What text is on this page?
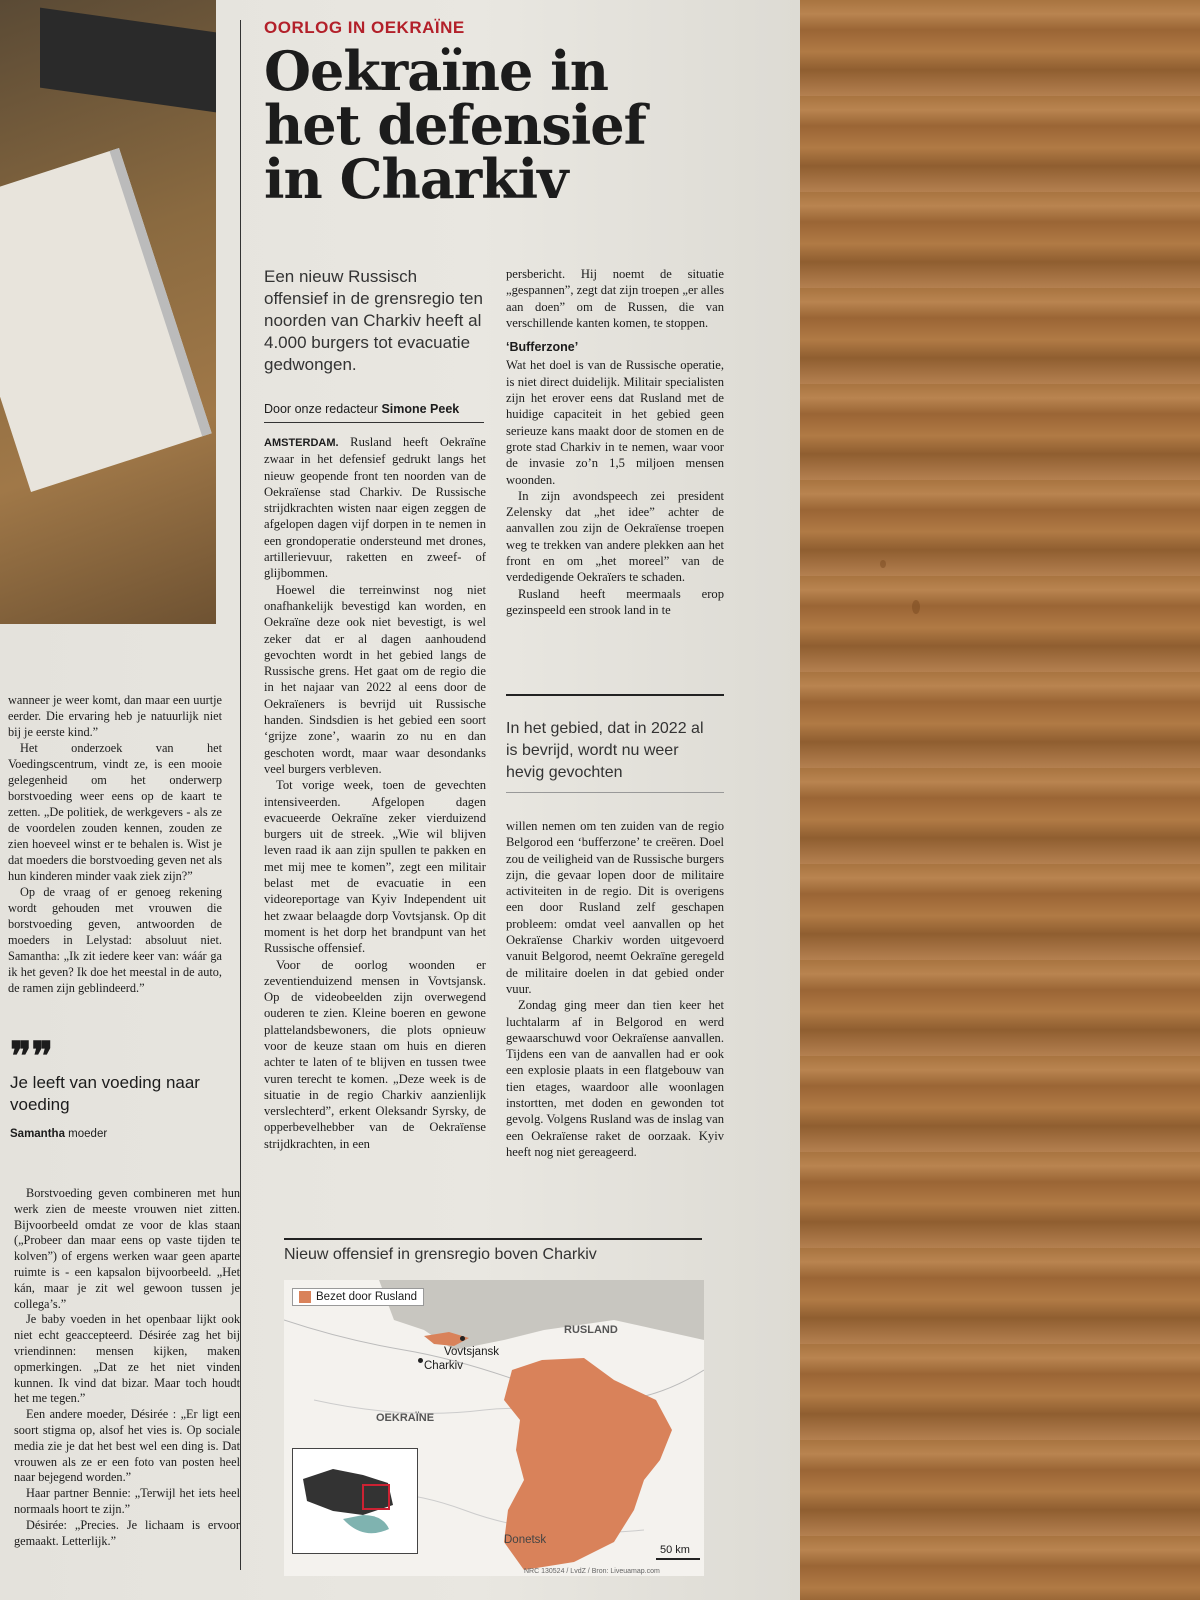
OORLOG IN OEKRAÏNE
Oekraïne in
het defensief
in Charkiv
Een nieuw Russisch offensief in de grensregio ten noorden van Charkiv heeft al 4.000 burgers tot evacuatie gedwongen.
Door onze redacteur Simone Peek

AMSTERDAM. Rusland heeft Oekraïne zwaar in het defensief gedrukt langs het nieuw geopende front ten noorden van de Oekraïense stad Charkiv. De Russische strijdkrachten wisten naar eigen zeggen de afgelopen dagen vijf dorpen in te nemen in een grondoperatie ondersteund met drones, artillerievuur, raketten en zweef- of glijbommen.

Hoewel die terreinwinst nog niet onafhankelijk bevestigd kan worden, en Oekraïne deze ook niet bevestigt, is wel zeker dat er al dagen aanhoudend gevochten wordt in het gebied langs de Russische grens. Het gaat om de regio die in het najaar van 2022 al eens door de Oekraïeners is bevrijd uit Russische handen. Sindsdien is het gebied een soort ‘grijze zone’, waarin zo nu en dan geschoten wordt, maar waar desondanks veel burgers verbleven.

Tot vorige week, toen de gevechten intensiveerden. Afgelopen dagen evacueerde Oekraïne zeker vierduizend burgers uit de streek. „Wie wil blijven leven raad ik aan zijn spullen te pakken en met mij mee te komen”, zegt een militair belast met de evacuatie in een videoreportage van Kyiv Independent uit het zwaar belaagde dorp Vovtsjansk. Op dit moment is het dorp het brandpunt van het Russische offensief.

Voor de oorlog woonden er zeventienduizend mensen in Vovtsjansk. Op de videobeelden zijn overwegend ouderen te zien. Kleine boeren en gewone plattelandsbewoners, die plots opnieuw voor de keuze staan om huis en dieren achter te laten of te blijven en tussen twee vuren terecht te komen. „Deze week is de situatie in de regio Charkiv aanzienlijk verslechterd”, erkent Oleksandr Syrsky, de opperbevelhebber van de Oekraïense strijdkrachten, in een

persbericht. Hij noemt de situatie „gespannen”, zegt dat zijn troepen „er alles aan doen” om de Russen, die van verschillende kanten komen, te stoppen.

‘Bufferzone’

Wat het doel is van de Russische operatie, is niet direct duidelijk. Militair specialisten zijn het erover eens dat Rusland met de huidige capaciteit in het gebied geen serieuze kans maakt door de stomen en de grote stad Charkiv in te nemen, waar voor de invasie zo’n 1,5 miljoen mensen woonden.

In zijn avondspeech zei president Zelensky dat „het idee” achter de aanvallen zou zijn de Oekraïense troepen weg te trekken van andere plekken aan het front en om „het moreel” van de verdedigende Oekraïers te schaden.

Rusland heeft meermaals erop gezinspeeld een strook land in te

In het gebied, dat in 2022 al is bevrijd, wordt nu weer hevig gevochten

willen nemen om ten zuiden van de regio Belgorod een ‘bufferzone’ te creëren. Doel zou de veiligheid van de Russische burgers zijn, die gevaar lopen door de militaire activiteiten in de regio. Dit is overigens een door Rusland zelf geschapen probleem: omdat veel aanvallen op het Oekraïense Charkiv worden uitgevoerd vanuit Belgorod, neemt Oekraïne geregeld de militaire doelen in dat gebied onder vuur.

Zondag ging meer dan tien keer het luchtalarm af in Belgorod en werd gewaarschuwd voor Oekraïense aanvallen. Tijdens een van de aanvallen had er ook een explosie plaats in een flatgebouw van tien etages, waardoor alle woonlagen instortten, met doden en gewonden tot gevolg. Volgens Rusland was de inslag van een Oekraïense raket de oorzaak. Kyiv heeft nog niet gereageerd.

wanneer je weer komt, dan maar een uurtje eerder. Die ervaring heb je natuurlijk niet bij je eerste kind.”

Het onderzoek van het Voedingscentrum, vindt ze, is een mooie gelegenheid om het onderwerp borstvoeding weer eens op de kaart te zetten. „De politiek, de werkgevers - als ze de voordelen zouden kennen, zouden ze zien hoeveel winst er te behalen is. Wist je dat moeders die borstvoeding geven net als hun kinderen minder vaak ziek zijn?”

Op de vraag of er genoeg rekening wordt gehouden met vrouwen die borstvoeding geven, antwoorden de moeders in Lelystad: absoluut niet. Samantha: „Ik zit iedere keer van: wáár ga ik het geven? Ik doe het meestal in de auto, de ramen zijn geblindeerd.”

❞❞
Je leeft van voeding naar voeding
Samantha moeder

Borstvoeding geven combineren met hun werk zien de meeste vrouwen niet zitten. Bijvoorbeeld omdat ze voor de klas staan („Probeer dan maar eens op vaste tijden te kolven”) of ergens werken waar geen aparte ruimte is - een kapsalon bijvoorbeeld. „Het kán, maar je zit wel gewoon tussen je collega’s.”

Je baby voeden in het openbaar lijkt ook niet echt geaccepteerd. Désirée zag het bij vriendinnen: mensen kijken, maken opmerkingen. „Dat ze het niet vinden kunnen. Ik vind dat bizar. Maar toch houdt het me tegen.”

Een andere moeder, Désirée : „Er ligt een soort stigma op, alsof het vies is. Op sociale media zie je dat het best wel een ding is. Dat vrouwen als ze er een foto van posten heel naar bejegend worden.”

Haar partner Bennie: „Terwijl het iets heel normaals hoort te zijn.”

Désirée: „Precies. Je lichaam is ervoor gemaakt. Letterlijk.”

Nieuw offensief in grensregio boven Charkiv
Bezet door Rusland
RUSLAND
OEKRAÏNE
Vovtsjansk
Charkiv
Donetsk
50 km
NRC 130524 / LvdZ / Bron: Liveuamap.com
